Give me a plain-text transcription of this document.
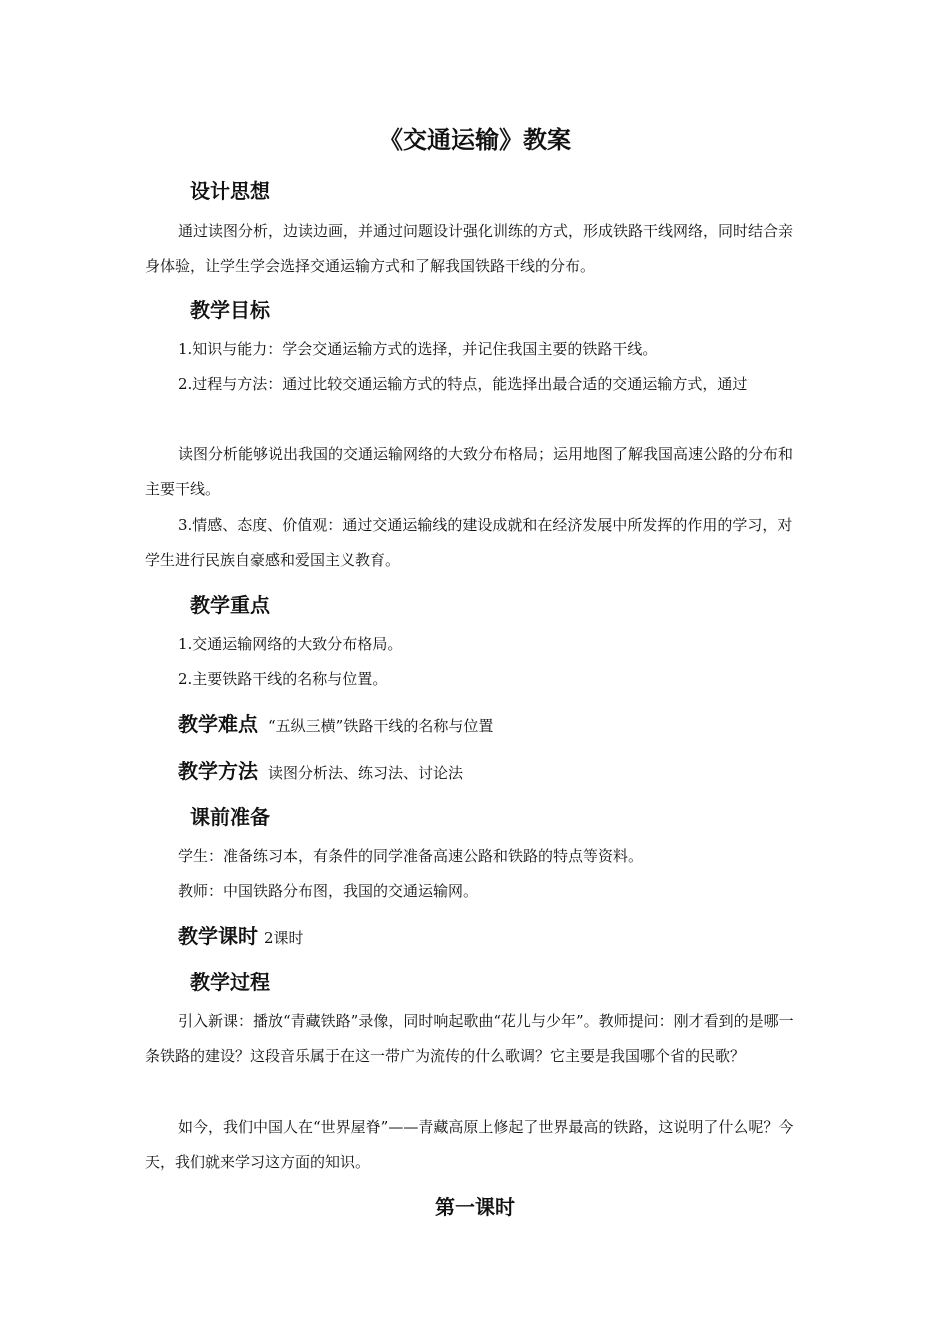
《交通运输》教案
设计思想
通过读图分析，边读边画，并通过问题设计强化训练的方式，形成铁路干线网络，同时结合亲身体验，让学生学会选择交通运输方式和了解我国铁路干线的分布。
教学目标
1.知识与能力：学会交通运输方式的选择，并记住我国主要的铁路干线。
2.过程与方法：通过比较交通运输方式的特点，能选择出最合适的交通运输方式，通过
读图分析能够说出我国的交通运输网络的大致分布格局；运用地图了解我国高速公路的分布和主要干线。
3.情感、态度、价值观：通过交通运输线的建设成就和在经济发展中所发挥的作用的学习，对学生进行民族自豪感和爱国主义教育。
教学重点
1.交通运输网络的大致分布格局。
2.主要铁路干线的名称与位置。
教学难点 “五纵三横”铁路干线的名称与位置
教学方法 读图分析法、练习法、讨论法
课前准备
学生：准备练习本，有条件的同学准备高速公路和铁路的特点等资料。
教师：中国铁路分布图，我国的交通运输网。
教学课时 2课时
教学过程
引入新课：播放“青藏铁路”录像，同时响起歌曲“花儿与少年”。教师提问：刚才看到的是哪一条铁路的建设？这段音乐属于在这一带广为流传的什么歌调？它主要是我国哪个省的民歌？
如今，我们中国人在“世界屋脊”——青藏高原上修起了世界最高的铁路，这说明了什么呢？今天，我们就来学习这方面的知识。
第一课时
